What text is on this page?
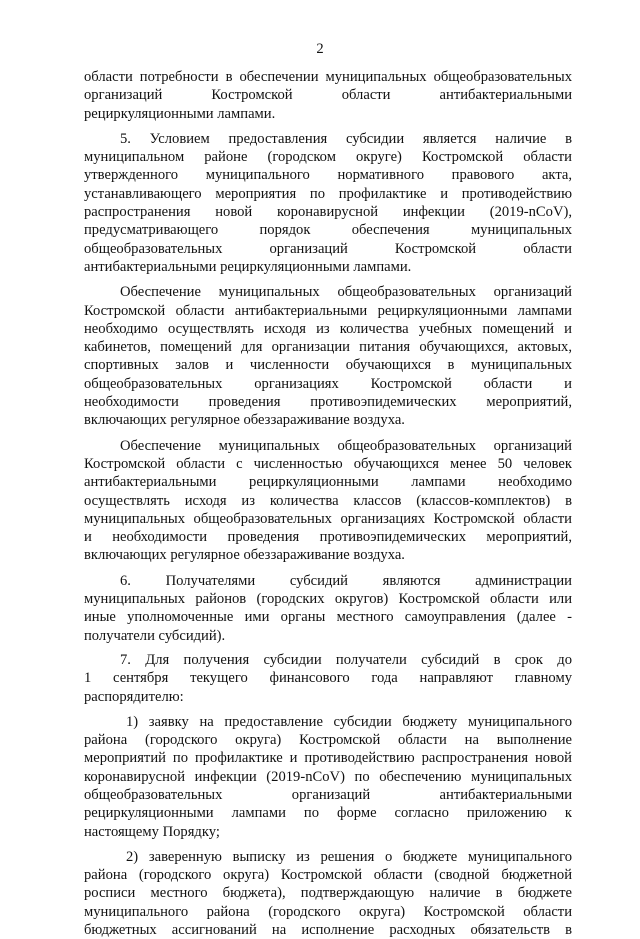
2
области потребности в обеспечении муниципальных общеобразовательных
организаций Костромской области антибактериальными
рециркуляционными лампами.
5. Условием предоставления субсидии является наличие в
муниципальном районе (городском округе) Костромской области
утвержденного муниципального нормативного правового акта,
устанавливающего мероприятия по профилактике и противодействию
распространения новой коронавирусной инфекции (2019-nCoV),
предусматривающего порядок обеспечения муниципальных
общеобразовательных организаций Костромской области
антибактериальными рециркуляционными лампами.
Обеспечение муниципальных общеобразовательных организаций
Костромской области антибактериальными рециркуляционными лампами
необходимо осуществлять исходя из количества учебных помещений и
кабинетов, помещений для организации питания обучающихся, актовых,
спортивных залов и численности обучающихся в муниципальных
общеобразовательных организациях Костромской области и
необходимости проведения противоэпидемических мероприятий,
включающих регулярное обеззараживание воздуха.
Обеспечение муниципальных общеобразовательных организаций
Костромской области с численностью обучающихся менее 50 человек
антибактериальными рециркуляционными лампами необходимо
осуществлять исходя из количества классов (классов-комплектов) в
муниципальных общеобразовательных организациях Костромской области
и необходимости проведения противоэпидемических мероприятий,
включающих регулярное обеззараживание воздуха.
6. Получателями субсидий являются администрации
муниципальных районов (городских округов) Костромской области или
иные уполномоченные ими органы местного самоуправления (далее -
получатели субсидий).
7. Для получения субсидии получатели субсидий в срок до
1 сентября текущего финансового года направляют главному
распорядителю:
1) заявку на предоставление субсидии бюджету муниципального
района (городского округа) Костромской области на выполнение
мероприятий по профилактике и противодействию распространения новой
коронавирусной инфекции (2019-nCoV) по обеспечению муниципальных
общеобразовательных организаций антибактериальными
рециркуляционными лампами по форме согласно приложению к
настоящему Порядку;
2) заверенную выписку из решения о бюджете муниципального
района (городского округа) Костромской области (сводной бюджетной
росписи местного бюджета), подтверждающую наличие в бюджете
муниципального района (городского округа) Костромской области
бюджетных ассигнований на исполнение расходных обязательств в
